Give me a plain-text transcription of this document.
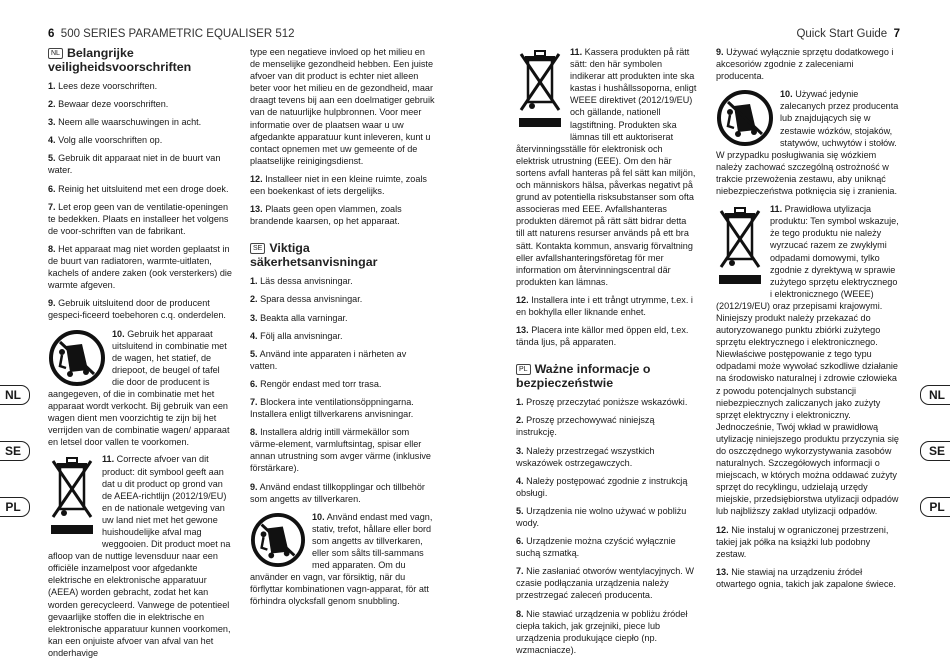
6 500 SERIES PARAMETRIC EQUALISER 512
NL Belangrijke veiligheidsvoorschriften

1. Lees deze voorschriften.

2. Bewaar deze voorschriften.

3. Neem alle waarschuwingen in acht.

4. Volg alle voorschriften op.

5. Gebruik dit apparaat niet in de buurt van water.

6. Reinig het uitsluitend met een droge doek.

7. Let erop geen van de ventilatie-openingen te bedekken. Plaats en installeer het volgens de voor-schriften van de fabrikant.

8. Het apparaat mag niet worden geplaatst in de buurt van radiatoren, warmte-uitlaten, kachels of andere zaken (ook versterkers) die warmte afgeven.

9. Gebruik uitsluitend door de producent gespeci-ficeerd toebehoren c.q. onderdelen.

10. Gebruik het apparaat uitsluitend in combinatie met de wagen, het statief, de driepoot, de beugel of tafel die door de producent is aangegeven, of die in combinatie met het apparaat wordt verkocht. Bij gebruik van een wagen dient men voorzichtig te zijn bij het verrijden van de combinatie wagen/ apparaat en letsel door vallen te voorkomen.

11. Correcte afvoer van dit product: dit symbool geeft aan dat u dit product op grond van de AEEA-richtlijn (2012/19/EU) en de nationale wetgeving van uw land niet met het gewone huishoudelijke afval mag weggooien. Dit product moet na afloop van de nuttige levensduur naar een officiële inzamelpost voor afgedankte elektrische en elektronische apparatuur (AEEA) worden gebracht, zodat het kan worden gerecycleerd. Vanwege de potentieel gevaarlijke stoffen die in elektrische en elektronische apparatuur kunnen voorkomen, kan een onjuiste afvoer van afval van het onderhavige

type een negatieve invloed op het milieu en de menselijke gezondheid hebben. Een juiste afvoer van dit product is echter niet alleen beter voor het milieu en de gezondheid, maar draagt tevens bij aan een doelmatiger gebruik van de natuurlijke hulpbronnen. Voor meer informatie over de plaatsen waar u uw afgedankte apparatuur kunt inleveren, kunt u contact opnemen met uw gemeente of de plaatselijke reinigingsdienst.

12. Installeer niet in een kleine ruimte, zoals een boekenkast of iets dergelijks.

13. Plaats geen open vlammen, zoals brandende kaarsen, op het apparaat.

SE Viktiga säkerhetsanvisningar

1. Läs dessa anvisningar.

2. Spara dessa anvisningar.

3. Beakta alla varningar.

4. Följ alla anvisningar.

5. Använd inte apparaten i närheten av vatten.

6. Rengör endast med torr trasa.

7. Blockera inte ventilationsöppningarna. Installera enligt tillverkarens anvisningar.

8. Installera aldrig intill värmekällor som värme-element, varmluftsintag, spisar eller annan utrustning som avger värme (inklusive förstärkare).

9. Använd endast tillkopplingar och tillbehör som angetts av tillverkaren.

10. Använd endast med vagn, stativ, trefot, hållare eller bord som angetts av tillverkaren, eller som sålts till-sammans med apparaten. Om du använder en vagn, var försiktig, när du förflyttar kombinationen vagn-apparat, för att förhindra olycksfall genom snubbling.

Quick Start Guide 7

11. Kassera produkten på rätt sätt: den här symbolen indikerar att produkten inte ska kastas i hushållssoporna, enligt WEEE direktivet (2012/19/EU) och gällande, nationell lagstiftning. Produkten ska lämnas till ett auktoriserat återvinningsställe för elektronisk och elektrisk utrustning (EEE). Om den här sortens avfall hanteras på fel sätt kan miljön, och människors hälsa, påverkas negativt på grund av potentiella risksubstanser som ofta associeras med EEE. Avfallshanteras produkten däremot på rätt sätt bidrar detta till att naturens resurser används på ett bra sätt. Kontakta kommun, ansvarig förvaltning eller avfallshanteringsföretag för mer information om återvinningscentral där produkten kan lämnas.

12. Installera inte i ett trångt utrymme, t.ex. i en bokhylla eller liknande enhet.

13. Placera inte källor med öppen eld, t.ex. tända ljus, på apparaten.

PL Ważne informacje o bezpieczeństwie

1. Proszę przeczytać poniższe wskazówki.

2. Proszę przechowywać niniejszą instrukcję.

3. Należy przestrzegać wszystkich wskazówek ostrzegawczych.

4. Należy postępować zgodnie z instrukcją obsługi.

5. Urządzenia nie wolno używać w pobliżu wody.

6. Urządzenie można czyścić wyłącznie suchą szmatką.

7. Nie zasłaniać otworów wentylacyjnych. W czasie podłączania urządzenia należy przestrzegać zaleceń producenta.

8. Nie stawiać urządzenia w pobliżu źródeł ciepła takich, jak grzejniki, piece lub urządzenia produkujące ciepło (np. wzmacniacze).

9. Używać wyłącznie sprzętu dodatkowego i akcesoriów zgodnie z zaleceniami producenta.

10. Używać jedynie zalecanych przez producenta lub znajdujących się w zestawie wózków, stojaków, statywów, uchwytów i stołów. W przypadku posługiwania się wózkiem należy zachować szczególną ostrożność w trakcie przewożenia zestawu, aby uniknąć niebezpieczeństwa potknięcia się i zranienia.

11. Prawidłowa utylizacja produktu: Ten symbol wskazuje, że tego produktu nie należy wyrzucać razem ze zwykłymi odpadami domowymi, tylko zgodnie z dyrektywą w sprawie zużytego sprzętu elektrycznego i elektronicznego (WEEE) (2012/19/EU) oraz przepisami krajowymi. Niniejszy produkt należy przekazać do autoryzowanego punktu zbiórki zużytego sprzętu elektrycznego i elektronicznego. Niewłaściwe postępowanie z tego typu odpadami może wywołać szkodliwe działanie na środowisko naturalnej i zdrowie człowieka z powodu potencjalnych substancji niebezpiecznych zaliczanych jako zużyty sprzęt elektryczny i elektroniczny. Jednocześnie, Twój wkład w prawidłową utylizację niniejszego produktu przyczynia się do oszczędnego wykorzystywania zasobów naturalnych. Szczegółowych informacji o miejscach, w których można oddawać zużyty sprzęt do recyklingu, udzielają urzędy miejskie, przedsiębiorstwa utylizacji odpadów lub najbliższy zakład utylizacji odpadów.

12. Nie instaluj w ograniczonej przestrzeni, takiej jak półka na książki lub podobny zestaw.

13. Nie stawiaj na urządzeniu źródeł otwartego ognia, takich jak zapalone świece.

NL
SE
PL
NL
SE
PL
